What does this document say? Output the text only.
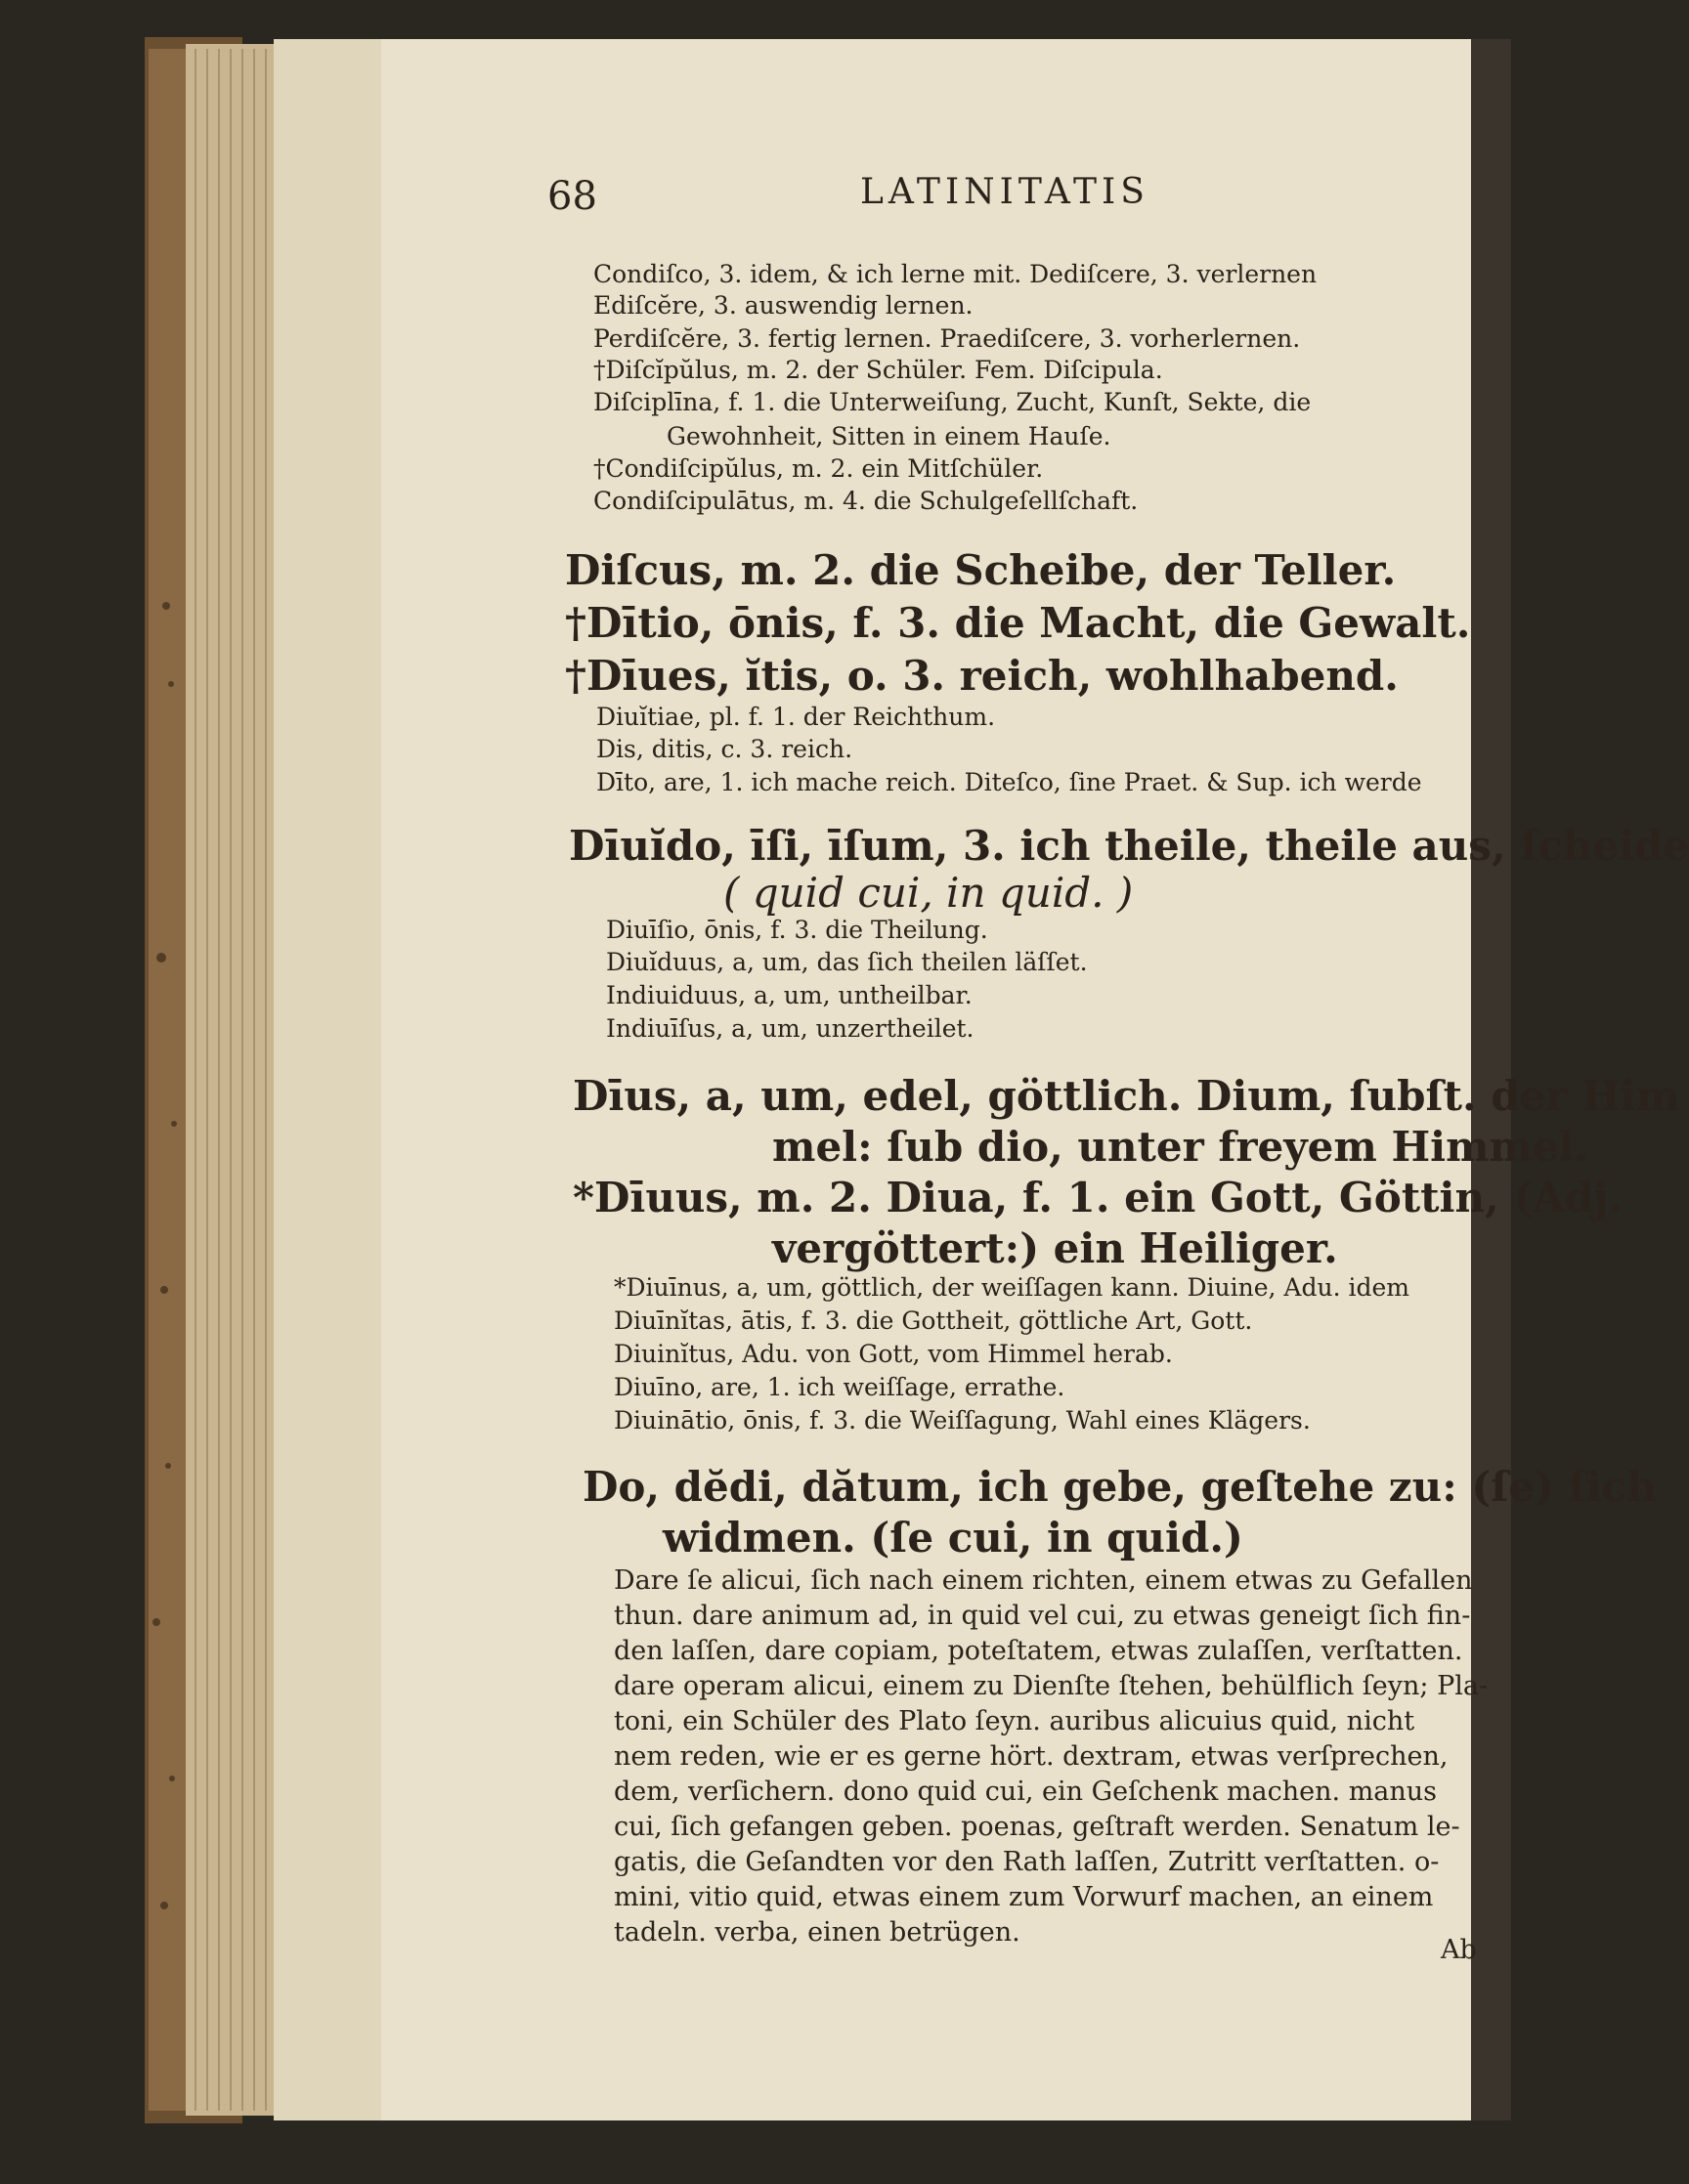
68	LATINITATIS
Condiſco, 3. idem, & ich lerne mit. Dediſcere, 3. verlernen
Ediſcĕre, 3. auswendig lernen.
Perdiſcĕre, 3. fertig lernen. Praediſcere, 3. vorherlernen.
†Diſcĭpŭlus, m. 2. der Schüler. Fem. Diſcipula.
Diſciplīna, f. 1. die Unterweiſung, Zucht, Kunſt, Sekte, die
Gewohnheit, Sitten in einem Hauſe.
†Condiſcipŭlus, m. 2. ein Mitſchüler.
Condiſcipulātus, m. 4. die Schulgeſellſchaft.
Diſcus, m. 2. die Scheibe, der Teller.
†Dītio, ōnis, f. 3. die Macht, die Gewalt.
†Dīues, ĭtis, o. 3. reich, wohlhabend.
Diuĭtiae, pl. f. 1. der Reichthum.
Dis, ditis, c. 3. reich.
Dīto, are, 1. ich mache reich. Diteſco, ſine Praet. & Sup. ich werde
Dīuĭdo, īſi, īſum, 3. ich theile, theile aus, ſcheide
( quid cui, in quid. )
Diuīſio, ōnis, f. 3. die Theilung.
Diuĭduus, a, um, das ſich theilen läſſet.
Indiuiduus, a, um, untheilbar.
Indiuīſus, a, um, unzertheilet.
Dīus, a, um, edel, göttlich. Dium, ſubſt. der Him
mel: ſub dio, unter freyem Himmel.
*Dīuus, m. 2. Diua, f. 1. ein Gott, Göttin, (Adj.
vergöttert:) ein Heiliger.
*Diuīnus, a, um, göttlich, der weiſſagen kann. Diuine, Adu. idem
Diuīnĭtas, ātis, f. 3. die Gottheit, göttliche Art, Gott.
Diuinĭtus, Adu. von Gott, vom Himmel herab.
Diuīno, are, 1. ich weiſſage, errathe.
Diuinātio, ōnis, f. 3. die Weiſſagung, Wahl eines Klägers.
Do, dĕdi, dătum, ich gebe, geſtehe zu: (ſe) ſich
widmen. (ſe cui, in quid.)
Dare ſe alicui, ſich nach einem richten, einem etwas zu Gefallen
thun. dare animum ad, in quid vel cui, zu etwas geneigt ſich fin-
den laſſen, dare copiam, poteſtatem, etwas zulaſſen, verſtatten.
dare operam alicui, einem zu Dienſte ſtehen, behülflich ſeyn; Pla-
toni, ein Schüler des Plato ſeyn. auribus alicuius quid, nicht
nem reden, wie er es gerne hört. dextram, etwas verſprechen,
dem, verſichern. dono quid cui, ein Geſchenk machen. manus
cui, ſich gefangen geben. poenas, geſtraft werden. Senatum le-
gatis, die Geſandten vor den Rath laſſen, Zutritt verſtatten. o-
mini, vitio quid, etwas einem zum Vorwurf machen, an einem
tadeln. verba, einen betrügen.
Ab
